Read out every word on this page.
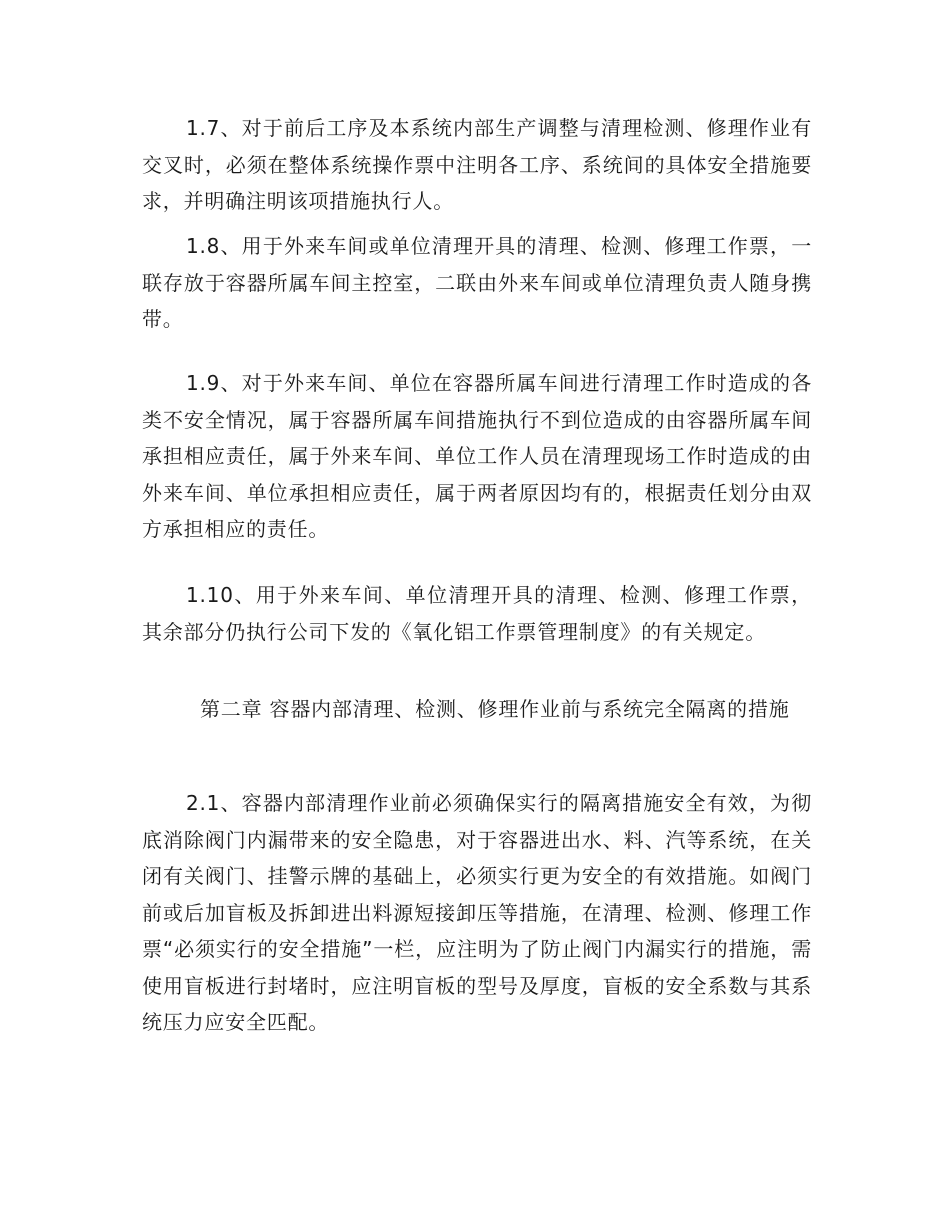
1.7、对于前后工序及本系统内部生产调整与清理检测、修理作业有交叉时，必须在整体系统操作票中注明各工序、系统间的具体安全措施要求，并明确注明该项措施执行人。

1.8、用于外来车间或单位清理开具的清理、检测、修理工作票，一联存放于容器所属车间主控室，二联由外来车间或单位清理负责人随身携带。

1.9、对于外来车间、单位在容器所属车间进行清理工作时造成的各类不安全情况，属于容器所属车间措施执行不到位造成的由容器所属车间承担相应责任，属于外来车间、单位工作人员在清理现场工作时造成的由外来车间、单位承担相应责任，属于两者原因均有的，根据责任划分由双方承担相应的责任。

1.10、用于外来车间、单位清理开具的清理、检测、修理工作票，其余部分仍执行公司下发的《氧化铝工作票管理制度》的有关规定。

第二章 容器内部清理、检测、修理作业前与系统完全隔离的措施

2.1、容器内部清理作业前必须确保实行的隔离措施安全有效，为彻底消除阀门内漏带来的安全隐患，对于容器进出水、料、汽等系统，在关闭有关阀门、挂警示牌的基础上，必须实行更为安全的有效措施。如阀门前或后加盲板及拆卸进出料源短接卸压等措施，在清理、检测、修理工作票“必须实行的安全措施”一栏，应注明为了防止阀门内漏实行的措施，需使用盲板进行封堵时，应注明盲板的型号及厚度，盲板的安全系数与其系统压力应安全匹配。
